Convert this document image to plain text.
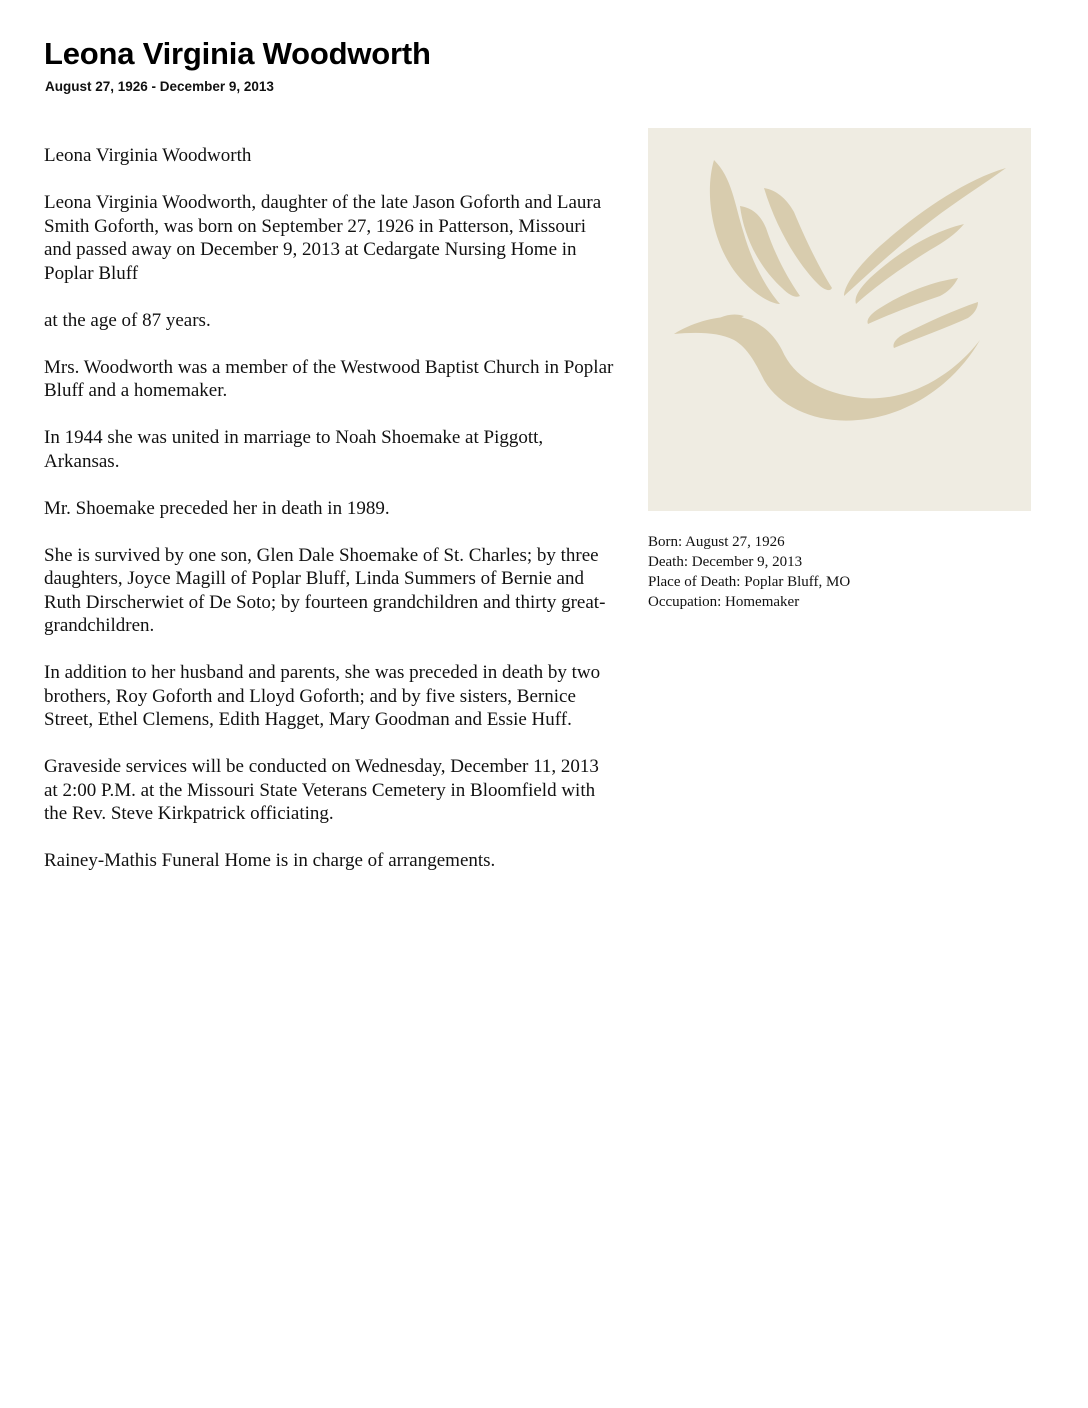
Leona Virginia Woodworth
August 27, 1926 - December 9, 2013

Leona Virginia Woodworth

Leona Virginia Woodworth, daughter of the late Jason Goforth and Laura Smith Goforth, was born on September 27, 1926 in Patterson, Missouri and passed away on December 9, 2013 at Cedargate Nursing Home in Poplar Bluff

at the age of 87 years.

Mrs. Woodworth was a member of the Westwood Baptist Church in Poplar Bluff and a homemaker.

In 1944 she was united in marriage to Noah Shoemake at Piggott, Arkansas.

Mr. Shoemake preceded her in death in 1989.

She is survived by one son, Glen Dale Shoemake of St. Charles; by three daughters, Joyce Magill of Poplar Bluff, Linda Summers of Bernie and Ruth Dirscherwiet of De Soto; by fourteen grandchildren and thirty great-grandchildren.

In addition to her husband and parents, she was preceded in death by two brothers, Roy Goforth and Lloyd Goforth; and by five sisters, Bernice Street, Ethel Clemens, Edith Hagget, Mary Goodman and Essie Huff.

Graveside services will be conducted on Wednesday, December 11, 2013 at 2:00 P.M. at the Missouri State Veterans Cemetery in Bloomfield with the Rev. Steve Kirkpatrick officiating.

Rainey-Mathis Funeral Home is in charge of arrangements.

Born: August 27, 1926
Death: December 9, 2013
Place of Death: Poplar Bluff, MO
Occupation: Homemaker
